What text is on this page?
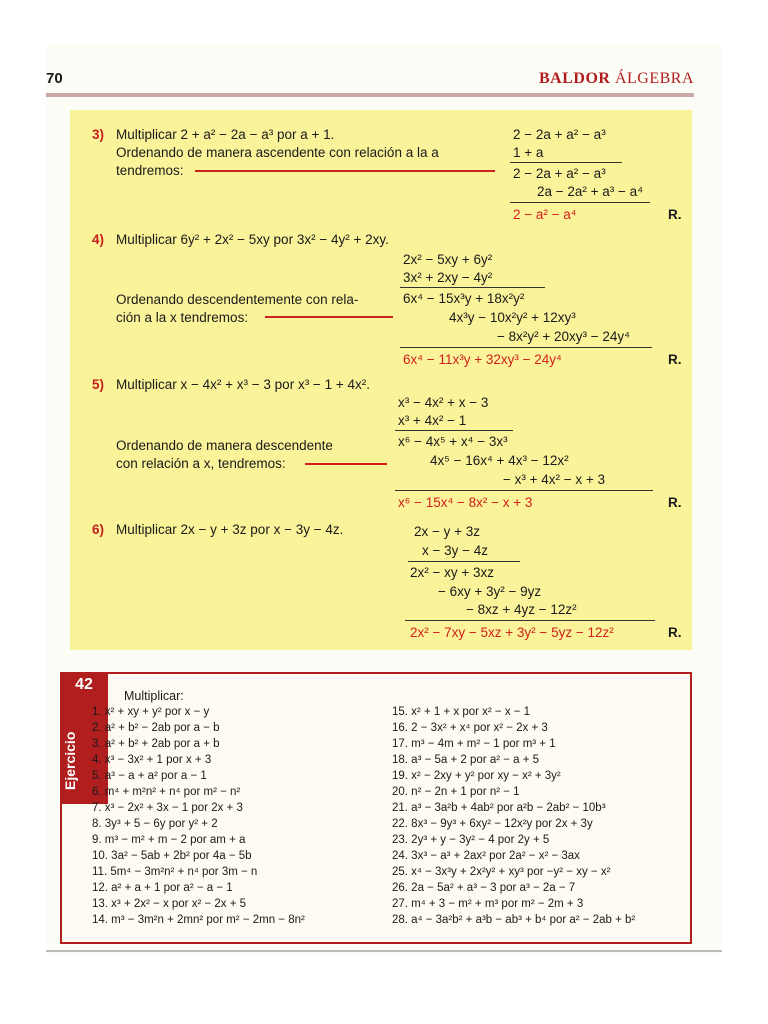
70	BALDOR ÁLGEBRA
3) Multiplicar 2 + a² − 2a − a³ por a + 1.
Ordenando de manera ascendente con relación a la a
tendremos:
2 − 2a + a² − a³
1 + a
2 − 2a + a² − a³
2a − 2a² + a³ − a⁴
2 − a² − a⁴	R.
4) Multiplicar 6y² + 2x² − 5xy por 3x² − 4y² + 2xy.
2x² − 5xy + 6y²
3x² + 2xy − 4y²
Ordenando descendentemente con rela-
ción a la x tendremos:
6x⁴ − 15x³y + 18x²y²
4x³y − 10x²y² + 12xy³
− 8x²y² + 20xy³ − 24y⁴
6x⁴ − 11x³y + 32xy³ − 24y⁴	R.
5) Multiplicar x − 4x² + x³ − 3 por x³ − 1 + 4x².
x³ − 4x² + x − 3
x³ + 4x² − 1
Ordenando de manera descendente
con relación a x, tendremos:
x⁶ − 4x⁵ + x⁴ − 3x³
4x⁵ − 16x⁴ + 4x³ − 12x²
− x³ + 4x² − x + 3
x⁶ − 15x⁴ − 8x² − x + 3	R.
6) Multiplicar 2x − y + 3z por x − 3y − 4z.	2x − y + 3z
x − 3y − 4z
2x² − xy + 3xz
− 6xy + 3y² − 9yz
− 8xz + 4yz − 12z²
2x² − 7xy − 5xz + 3y² − 5yz − 12z²	R.
42
Ejercicio
Multiplicar:
1. x² + xy + y² por x − y
2. a² + b² − 2ab por a − b
3. a² + b² + 2ab por a + b
4. x³ − 3x² + 1 por x + 3
5. a³ − a + a² por a − 1
6. m⁴ + m²n² + n⁴ por m² − n²
7. x³ − 2x² + 3x − 1 por 2x + 3
8. 3y³ + 5 − 6y por y² + 2
9. m³ − m² + m − 2 por am + a
10. 3a² − 5ab + 2b² por 4a − 5b
11. 5m⁴ − 3m²n² + n⁴ por 3m − n
12. a² + a + 1 por a² − a − 1
13. x³ + 2x² − x por x² − 2x + 5
14. m³ − 3m²n + 2mn² por m² − 2mn − 8n²
15. x² + 1 + x por x² − x − 1
16. 2 − 3x² + x⁴ por x² − 2x + 3
17. m³ − 4m + m² − 1 por m³ + 1
18. a³ − 5a + 2 por a² − a + 5
19. x² − 2xy + y² por xy − x² + 3y²
20. n² − 2n + 1 por n² − 1
21. a³ − 3a²b + 4ab² por a²b − 2ab² − 10b³
22. 8x³ − 9y³ + 6xy² − 12x²y por 2x + 3y
23. 2y³ + y − 3y² − 4 por 2y + 5
24. 3x³ − a³ + 2ax² por 2a² − x² − 3ax
25. x⁴ − 3x³y + 2x²y² + xy³ por −y² − xy − x²
26. 2a − 5a² + a³ − 3 por a³ − 2a − 7
27. m⁴ + 3 − m² + m³ por m² − 2m + 3
28. a⁴ − 3a²b² + a³b − ab³ + b⁴ por a² − 2ab + b²
